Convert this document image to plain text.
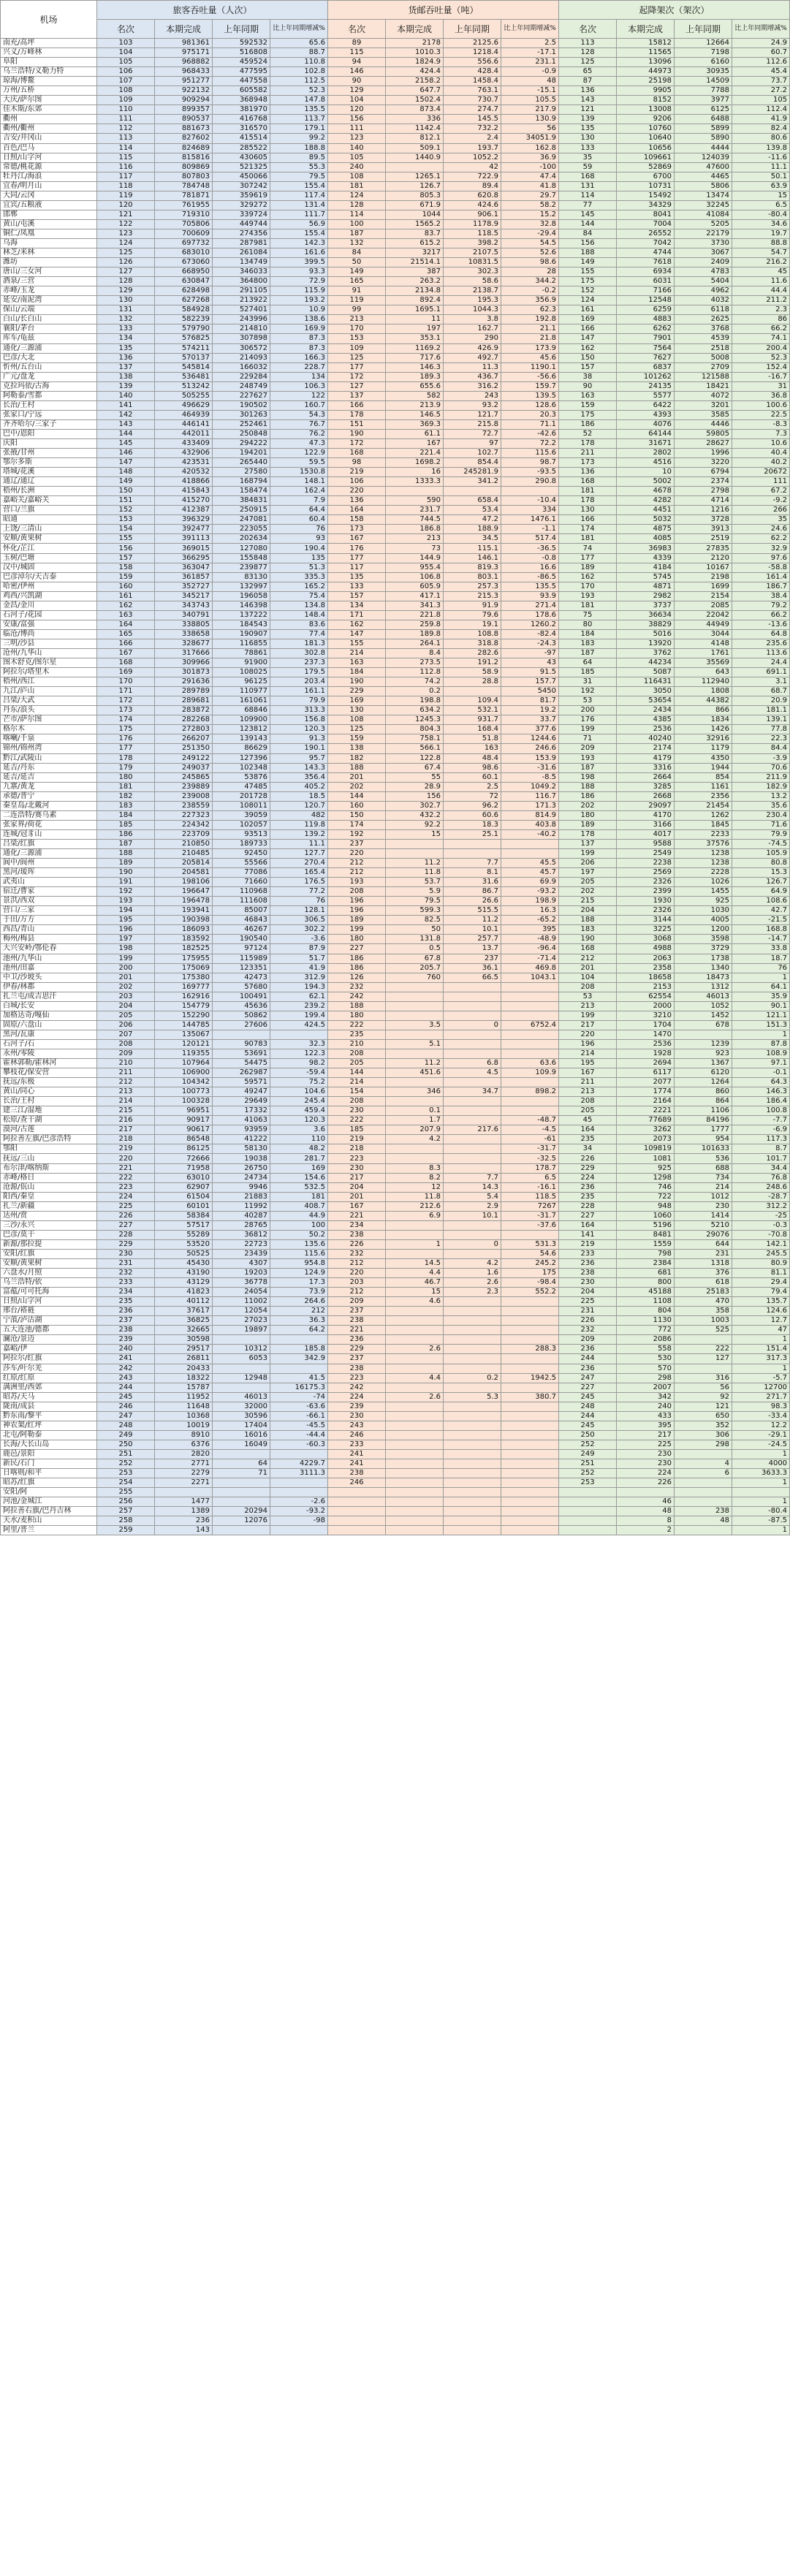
机场	旅客吞吐量（人次）				货邮吞吐量（吨）				起降架次（架次）			
	名次	本期完成	上年同期	比上年同期增减%	名次	本期完成	上年同期	比上年同期增减%	名次	本期完成	上年同期	比上年同期增减%
南充/高坪	103	981361	592532	65.6	89	2178	2125.6	2.5	113	15812	12664	24.9
兴义/万峰林	104	975171	516808	88.7	115	1010.3	1218.4	-17.1	128	11565	7198	60.7
阜阳	105	968882	459524	110.8	94	1824.9	556.6	231.1	125	13096	6160	112.6
乌兰浩特/义勒力特	106	968433	477595	102.8	146	424.4	428.4	-0.9	65	44973	30935	45.4
琼海/博鳌	107	951277	447558	112.5	90	2158.2	1458.4	48	87	25198	14509	73.7
万州/五桥	108	922132	605582	52.3	129	647.7	763.1	-15.1	136	9905	7788	27.2
大庆/萨尔图	109	909294	368948	147.8	104	1502.4	730.7	105.5	143	8152	3977	105
佳木斯/东郊	110	899357	381970	135.5	120	873.4	274.7	217.9	121	13008	6125	112.4
衢州	111	890537	416768	113.7	156	336	145.5	130.9	139	9206	6488	41.9
衢州/衢州	112	881673	316570	179.1	111	1142.4	732.2	56	135	10760	5899	82.4
吉安/井冈山	113	827602	415514	99.2	123	812.1	2.4	34051.9	130	10640	5890	80.6
百色/巴马	114	824689	285522	188.8	140	509.1	193.7	162.8	133	10656	4444	139.8
日照/山字河	115	815816	430605	89.5	105	1440.9	1052.2	36.9	35	109661	124039	-11.6
常德/桃花源	116	809869	521325	55.3	240		42	-100	59	52869	47600	11.1
牡丹江/海浪	117	807803	450066	79.5	108	1265.1	722.9	47.4	168	6700	4465	50.1
宜春/明月山	118	784748	307242	155.4	181	126.7	89.4	41.8	131	10731	5806	63.9
大同/云冈	119	781871	359619	117.4	124	805.3	620.8	29.7	114	15492	13474	15
宜宾/五粮液	120	761955	329272	131.4	128	671.9	424.6	58.2	77	34329	32245	6.5
邯郸	121	719310	339724	111.7	114	1044	906.1	15.2	145	8041	41084	-80.4
黄山/屯溪	122	705806	449744	56.9	100	1565.2	1178.9	32.8	144	7004	5205	34.6
铜仁/凤凰	123	700609	274356	155.4	187	83.7	118.5	-29.4	84	26552	22179	19.7
乌海	124	697732	287981	142.3	132	615.2	398.2	54.5	156	7042	3730	88.8
林芝/米林	125	683010	261084	161.6	84	3217	2107.5	52.6	188	4744	3067	54.7
潍坊	126	673060	134749	399.5	50	21514.1	10831.5	98.6	149	7618	2409	216.2
唐山/三女河	127	668950	346033	93.3	149	387	302.3	28	155	6934	4783	45
酒泉/三营	128	630847	364800	72.9	165	263.2	58.6	344.2	175	6031	5404	11.6
赤峰/玉龙	129	628498	291105	115.9	91	2134.8	2138.7	-0.2	152	7166	4962	44.4
延安/南泥湾	130	627268	213922	193.2	119	892.4	195.3	356.9	124	12548	4032	211.2
保山/云端	131	584928	527401	10.9	99	1695.1	1044.3	62.3	161	6259	6118	2.3
白山/长白山	132	582239	243996	138.6	213	11	3.8	192.8	169	4883	2625	86
襄阳/茅台	133	579790	214810	169.9	170	197	162.7	21.1	166	6262	3768	66.2
库车/龟兹	134	576825	307898	87.3	153	353.1	290	21.8	147	7901	4539	74.1
通化/三源浦	135	574211	306572	87.3	109	1169.2	426.9	173.9	162	7564	2518	200.4
巴彦/大北	136	570137	214093	166.3	125	717.6	492.7	45.6	150	7627	5008	52.3
忻州/五台山	137	545814	166032	228.7	177	146.3	11.3	1190.1	157	6837	2709	152.4
广元/盘龙	138	536481	229284	134	172	189.3	436.7	-56.6	38	101262	121588	-16.7
克拉玛依/古海	139	513242	248749	106.3	127	655.6	316.2	159.7	90	24135	18421	31
阿勒泰/雪都	140	505255	227627	122	137	582	243	139.5	163	5577	4072	36.8
长治/王村	141	496629	190502	160.7	166	213.9	93.2	128.6	159	6422	3201	100.6
张家口/宁远	142	464939	301263	54.3	178	146.5	121.7	20.3	175	4393	3585	22.5
齐齐哈尔/三家子	143	446141	252461	76.7	151	369.3	215.8	71.1	186	4076	4446	-8.3
巴中/恩阳	144	442011	250848	76.2	190	61.1	72.7	-42.6	52	64144	59805	7.3
庆阳	145	433409	294222	47.3	172	167	97	72.2	178	31671	28627	10.6
张掖/甘州	146	432906	194201	122.9	168	221.4	102.7	115.6	211	2802	1996	40.4
鄂尔多斯	147	423531	265440	59.5	98	1698.2	854.4	98.7	173	4516	3220	40.2
塔城/花溪	148	420532	27580	1530.8	219	16	245281.9	-93.5	136	10	6794	20672
通辽/通辽	149	418866	168794	148.1	106	1333.3	341.2	290.8	168	5002	2374	111
梧州/长洲	150	415843	158474	162.4	220				181	4678	2798	67.2
嘉峪关/嘉峪关	151	415270	384831	7.9	136	590	658.4	-10.4	178	4282	4714	-9.2
营口/兰旗	152	412387	250915	64.4	164	231.7	53.4	334	130	4451	1216	266
昭通	153	396329	247081	60.4	158	744.5	47.2	1476.1	166	5032	3728	35
上饶/三清山	154	392477	223055	76	173	186.8	188.9	-1.1	174	4875	3913	24.6
安顺/黄果树	155	391113	202634	93	167	213	34.5	517.4	181	4085	2519	62.2
怀化/芷江	156	369015	127080	190.4	176	73	115.1	-36.5	74	36983	27835	32.9
玉树/巴塘	157	366295	155848	135	177	144.9	146.1	-0.8	177	4339	2120	97.6
汉中/城固	158	363047	239877	51.3	117	955.4	819.3	16.6	189	4184	10167	-58.8
巴彦淖尔/天吉泰	159	361857	83130	335.3	135	106.8	803.1	-86.5	162	5745	2198	161.4
哈密/伊州	160	352727	132997	165.2	133	605.9	257.3	135.5	170	4871	1699	186.7
鸡西/兴凯湖	161	345217	196058	75.4	157	417.1	215.3	93.9	193	2982	2154	38.4
金昌/金川	162	343743	146398	134.8	134	341.3	91.9	271.4	181	3737	2085	79.2
石河子/花园	163	340791	137222	148.4	171	221.8	79.6	178.6	75	36634	22042	66.2
安康/富强	164	338805	184543	83.6	162	259.8	19.1	1260.2	80	38829	44949	-13.6
临沧/博尚	165	338658	190907	77.4	147	189.8	108.8	-82.4	184	5016	3044	64.8
三明/沙县	166	328677	116855	181.3	155	264.1	318.8	-24.3	183	13920	4148	235.6
沧州/九华山	167	317666	78861	302.8	214	8.4	282.6	-97	187	3762	1761	113.6
图木舒克/图尔星	168	309966	91900	237.3	163	273.5	191.2	43	64	44234	35569	24.4
阿拉尔/塔里木	169	301873	108025	179.5	184	112.8	58.9	91.5	185	5087	643	691.1
梧州/西江	170	291636	96125	203.4	190	74.2	28.8	157.7	31	116431	112940	3.1
九江/庐山	171	289789	110977	161.1	229	0.2		5450	192	3050	1808	68.7
吕梁/大武	172	289681	161061	79.9	169	198.8	109.4	81.7	53	53654	44382	20.9
丹东/浪头	173	283872	68846	313.3	130	634.2	532.1	19.2	200	2434	866	181.1
芒市/萨尔图	174	282268	109900	156.8	108	1245.3	931.7	33.7	176	4385	1834	139.1
格尔木	175	272803	123812	120.3	125	804.3	168.4	377.6	199	2536	1426	77.8
喀喇/千泉	176	266207	139143	91.3	159	758.1	51.8	1244.6	71	40240	32916	22.3
锦州/锦州湾	177	251350	86629	190.1	138	566.1	163	246.6	209	2174	1179	84.4
黔江/武陵山	178	249122	127396	95.7	182	122.8	48.4	153.9	193	4179	4350	-3.9
延吉/丹东	179	249037	102348	143.3	188	67.4	98.6	-31.6	187	3316	1944	70.6
延吉/延吉	180	245865	53876	356.4	201	55	60.1	-8.5	198	2664	854	211.9
九寨/黄龙	181	239889	47485	405.2	202	28.9	2.5	1049.2	188	3285	1161	182.9
承德/普宁	182	239008	201728	18.5	144	156	72	116.7	186	2668	2356	13.2
秦皇岛/北戴河	183	238559	108011	120.7	160	302.7	96.2	171.3	202	29097	21454	35.6
二连浩特/赛乌素	184	227323	39059	482	150	432.2	60.6	814.9	180	4170	1262	230.4
张家界/荷花	185	224342	102057	119.8	174	92.2	18.3	403.8	189	3166	1845	71.6
连城/冠豸山	186	223709	93513	139.2	192	15	25.1	-40.2	178	4017	2233	79.9
吕梁/红旗	187	210850	189733	11.1	237				137	9588	37576	-74.5
通化/三源浦	188	210485	92450	127.7	220				199	2549	1238	105.9
阆中/阆州	189	205814	55566	270.4	212	11.2	7.7	45.5	206	2238	1238	80.8
黑河/瑷珲	190	204581	77086	165.4	212	11.8	8.1	45.7	197	2569	2228	15.3
武夷山	191	198106	71660	176.5	193	53.7	31.6	69.9	205	2326	1026	126.7
宿迁/曹家	192	196647	110968	77.2	208	5.9	86.7	-93.2	202	2399	1455	64.9
景洪/西双	193	196478	111608	76	196	79.5	26.6	198.9	215	1930	925	108.6
营口/三家	194	193941	85007	128.1	196	599.3	515.5	16.3	204	2326	1030	42.7
于田/万方	195	190398	46843	306.5	189	82.5	11.2	-65.2	188	3144	4005	-21.5
西昌/青山	196	186093	46267	302.2	199	50	10.1	395	183	3225	1200	168.8
梅州/梅县	197	183592	190540	-3.6	180	131.8	257.7	-48.9	190	3068	3598	-14.7
大兴安岭/鄂伦春	198	182525	97124	87.9	227	0.5	13.7	-96.4	168	4988	3729	33.8
池州/九华山	199	175955	115989	51.7	186	67.8	237	-71.4	212	2063	1738	18.7
池州/田嘉	200	175069	123351	41.9	186	205.7	36.1	469.8	201	2358	1340	76
中卫/沙坡头	201	175380	42473	312.9	126	760	66.5	1043.1	104	18658	18473	1
伊春/林都	202	169777	57680	194.3	232				208	2153	1312	64.1
扎兰屯/成吉思汗	203	162916	100491	62.1	242				53	62554	46013	35.9
白城/长安	204	154779	45636	239.2	188				213	2000	1052	90.1
加格达奇/嘎仙	205	152290	50862	199.4	180				199	3210	1452	121.1
固原/六盘山	206	144785	27606	424.5	222	3.5	0	6752.4	217	1704	678	151.3
黑河/瓦康	207	135067			235				220	1470		1
石河子/石	208	120121	90783	32.3	210	5.1			196	2536	1239	87.8
永州/零陵	209	119355	53691	122.3	208				214	1928	923	108.9
霍林郭勒/霍林河	210	107964	54475	98.2	205	11.2	6.8	63.6	195	2694	1367	97.1
攀枝花/保安营	211	106900	262987	-59.4	144	451.6	4.5	109.9	167	6117	6120	-0.1
抚远/东极	212	104342	59571	75.2	214				211	2077	1264	64.3
黄山/同心	213	100773	49247	104.6	154	346	34.7	898.2	213	1774	860	146.3
长治/王村	214	100328	29649	245.4	208				208	2164	864	186.4
建三江/湿地	215	96951	17332	459.4	230	0.1			205	2221	1106	100.8
松原/查干湖	216	90917	41063	120.3	222	1.7		-48.7	45	77689	84196	-7.7
漠河/古莲	217	90617	93959	3.6	185	207.9	217.6	-4.5	164	3262	1777	-6.9
阿拉善左旗/巴彦浩特	218	86548	41222	110	219	4.2		-61	235	2073	954	117.3
鄂阳	219	86125	58130	48.2	218			-31.7	34	109819	101633	8.7
抚远/三山	220	72666	19038	281.7	223			-32.5	226	1081	536	101.7
布尔津/喀纳斯	221	71958	26750	169	230	8.3		178.7	229	925	688	34.4
赤峰/格日	222	63010	24734	154.6	217	8.2	7.7	6.5	224	1298	734	76.8
沧源/佤山	223	62907	9946	532.5	204	12	14.3	-16.1	236	746	214	248.6
阳西/秦皇	224	61504	21883	181	201	11.8	5.4	118.5	235	722	1012	-28.7
扎兰/新疆	225	60101	11992	408.7	167	212.6	2.9	7267	228	948	230	312.2
达州/赏	226	58384	40287	44.9	221	6.9	10.1	-31.7	227	1060	1414	-25
三沙/永兴	227	57517	28765	100	234			-37.6	164	5196	5210	-0.3
巴彦/莫干	228	55289	36812	50.2	238				141	8481	29076	-70.8
新源/那拉提	229	53520	22723	135.6	226	1	0	531.3	219	1559	644	142.1
安阳/红旗	230	50525	23439	115.6	232			54.6	233	798	231	245.5
安顺/黄果树	231	45430	4307	954.8	212	14.5	4.2	245.2	236	2384	1318	80.9
六盘水/月照	232	43190	19203	124.9	220	4.4	1.6	175	238	681	376	81.1
乌兰浩特/依	233	43129	36778	17.3	203	46.7	2.6	-98.4	230	800	618	29.4
富蕴/可可托海	234	41823	24054	73.9	212	15	2.3	552.2	204	45188	25183	79.4
日照/山字河	235	40112	11002	264.6	209	4.6			225	1108	470	135.7
邢台/褡裢	236	37617	12054	212	237				231	804	358	124.6
宁蒗/泸沽湖	237	36825	27023	36.3	238				226	1130	1003	12.7
五大连池/德都	238	32665	19897	64.2	221				232	772	525	47
澜沧/景迈	239	30598			236				209	2086		1
嘉峪/伊	240	29517	10312	185.8	229	2.6		288.3	236	558	222	151.4
阿拉尔/红旗	241	26811	6053	342.9	237				244	530	127	317.3
莎车/叶尔羌	242	20433			238				236	570		1
红原/红原	243	18322	12948	41.5	223	4.4	0.2	1942.5	247	298	316	-5.7
满洲里/西郊	244	15787		16175.3	242				227	2007	56	12700
昭苏/天马	245	11952	46013	-74	224	2.6	5.3	380.7	245	342	92	271.7
陇南/成县	246	11648	32000	-63.6	239				248	240	121	98.3
黔东南/黎平	247	10368	30596	-66.1	230				244	433	650	-33.4
神农架/红坪	248	10019	17404	-45.5	243				245	395	352	12.2
北屯/阿勒泰	249	8910	16016	-44.4	246				250	217	306	-29.1
长海/大长山岛	250	6376	16049	-60.3	233				252	225	298	-24.5
鹿邑/景阳	251	2820			241				249	230		1
新民/石门	252	2771	64	4229.7	241				251	230	4	4000
日喀则/和平	253	2279	71	3111.3	238				252	224	6	3633.3
昭苏/红旗	254	2271			246				253	226		1
安阳/阿	255											
河池/金城江	256	1477		-2.6						46		1
阿拉善右旗/巴丹吉林	257	1389	20294	-93.2						48	238	-80.4
天水/麦积山	258	236	12076	-98						8	48	-87.5
阿里/普兰	259	143								2		1
